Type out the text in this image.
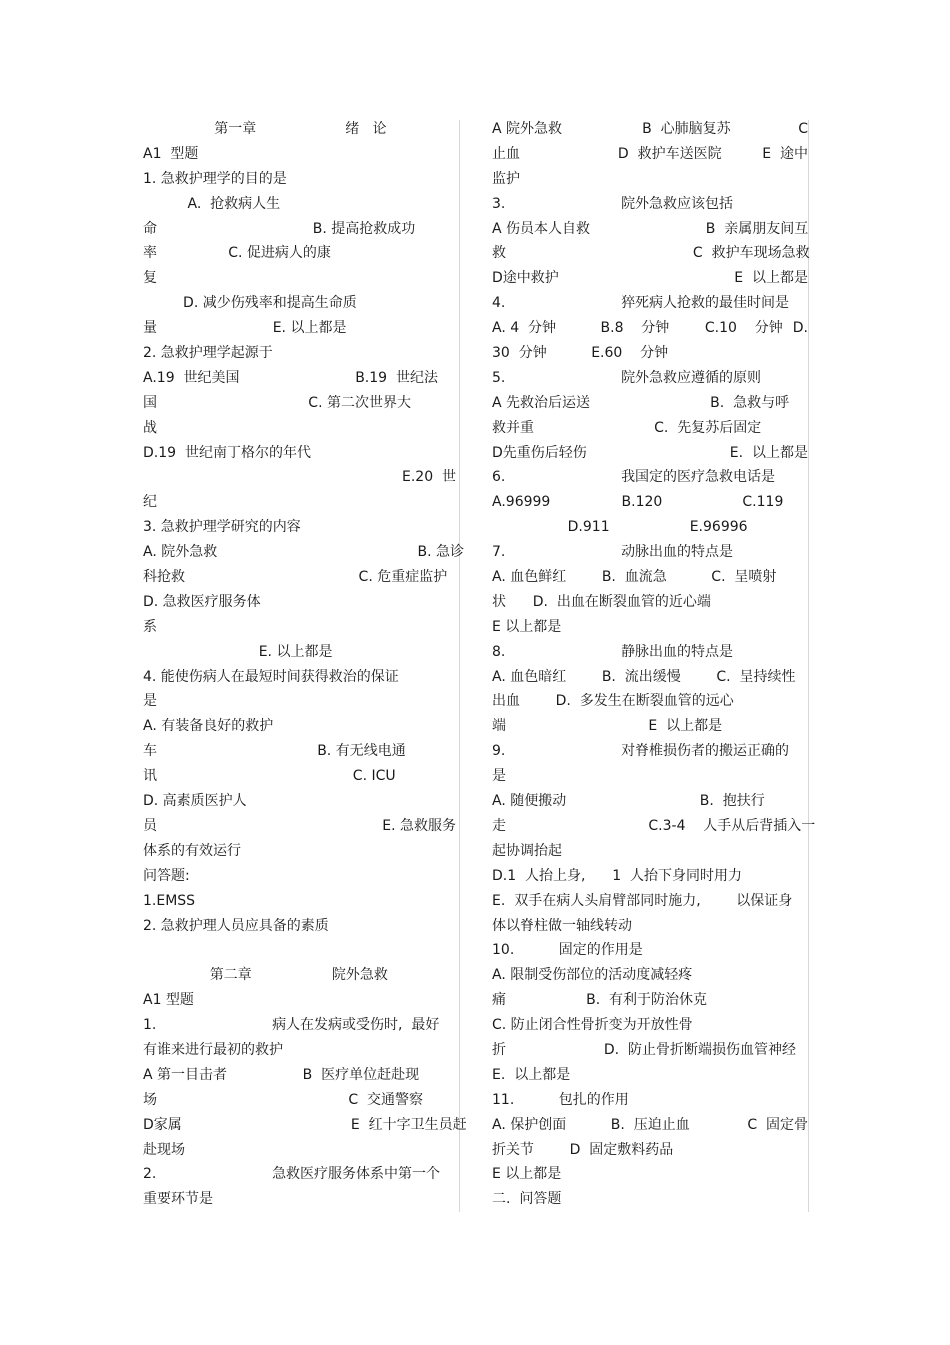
第一章                    绪   论
A1  型题
1. 急救护理学的目的是
A.  抢救病人生
命                                   B. 提高抢救成功
率                C. 促进病人的康
复
D. 减少伤残率和提高生命质
量                          E. 以上都是
2. 急救护理学起源于
A.19  世纪美国                          B.19  世纪法
国                                  C. 第二次世界大
战
D.19  世纪南丁格尔的年代
E.20  世
纪
3. 急救护理学研究的内容
A. 院外急救                                             B. 急诊
科抢救                                       C. 危重症监护
D. 急救医疗服务体
系
E. 以上都是
4. 能使伤病人在最短时间获得救治的保证
是
A. 有装备良好的救护
车                                    B. 有无线电通
讯                                            C. ICU
D. 高素质医护人
员	E. 急救服务
体系的有效运行
问答题:
1.EMSS
2. 急救护理人员应具备的素质
第二章                  院外急救
A1 型题
1.                          病人在发病或受伤时,  最好
有谁来进行最初的救护
A 第一目击者                 B  医疗单位赶赴现
场                                           C  交通警察
D家属                                      E  红十字卫生员赶
赴现场
2.                          急救医疗服务体系中第一个
重要环节是
A 院外急救                  B  心肺脑复苏	C
止血                      D  救护车送医院	E  途中
监护
3.                          院外急救应该包括
A 伤员本人自救                          B  亲属朋友间互
救                                          C  救护车现场急救
D途中救护	E  以上都是
4.                          猝死病人抢救的最佳时间是
A. 4  分钟          B.8    分钟        C.10    分钟 D.
30  分钟          E.60    分钟
5.                          院外急救应遵循的原则
A 先救治后运送                           B.  急救与呼
救并重                           C.  先复苏后固定
D先重伤后轻伤	E.  以上都是
6.                          我国定的医疗急救电话是
A.96999                B.120                  C.119
D.911                  E.96996
7.                          动脉出血的特点是
A. 血色鲜红        B.  血流急          C.  呈喷射
状      D.  出血在断裂血管的近心端
E 以上都是
8.                          静脉出血的特点是
A. 血色暗红        B.  流出缓慢        C.  呈持续性
出血        D.  多发生在断裂血管的远心
端                                E  以上都是
9.                          对脊椎损伤者的搬运正确的
是
A. 随便搬动                              B.  抱扶行
走                                C.3-4    人手从后背插入一
起协调抬起
D.1  人抬上身,      1  人抬下身同时用力
E.  双手在病人头肩臂部同时施力,        以保证身
体以脊柱做一轴线转动
10.          固定的作用是
A. 限制受伤部位的活动度减轻疼
痛                  B.  有利于防治休克
C. 防止闭合性骨折变为开放性骨
折                      D.  防止骨折断端损伤血管神经
E.  以上都是
11.          包扎的作用
A. 保护创面          B.  压迫止血	C  固定骨
折关节        D  固定敷料药品
E 以上都是
二.  问答题
